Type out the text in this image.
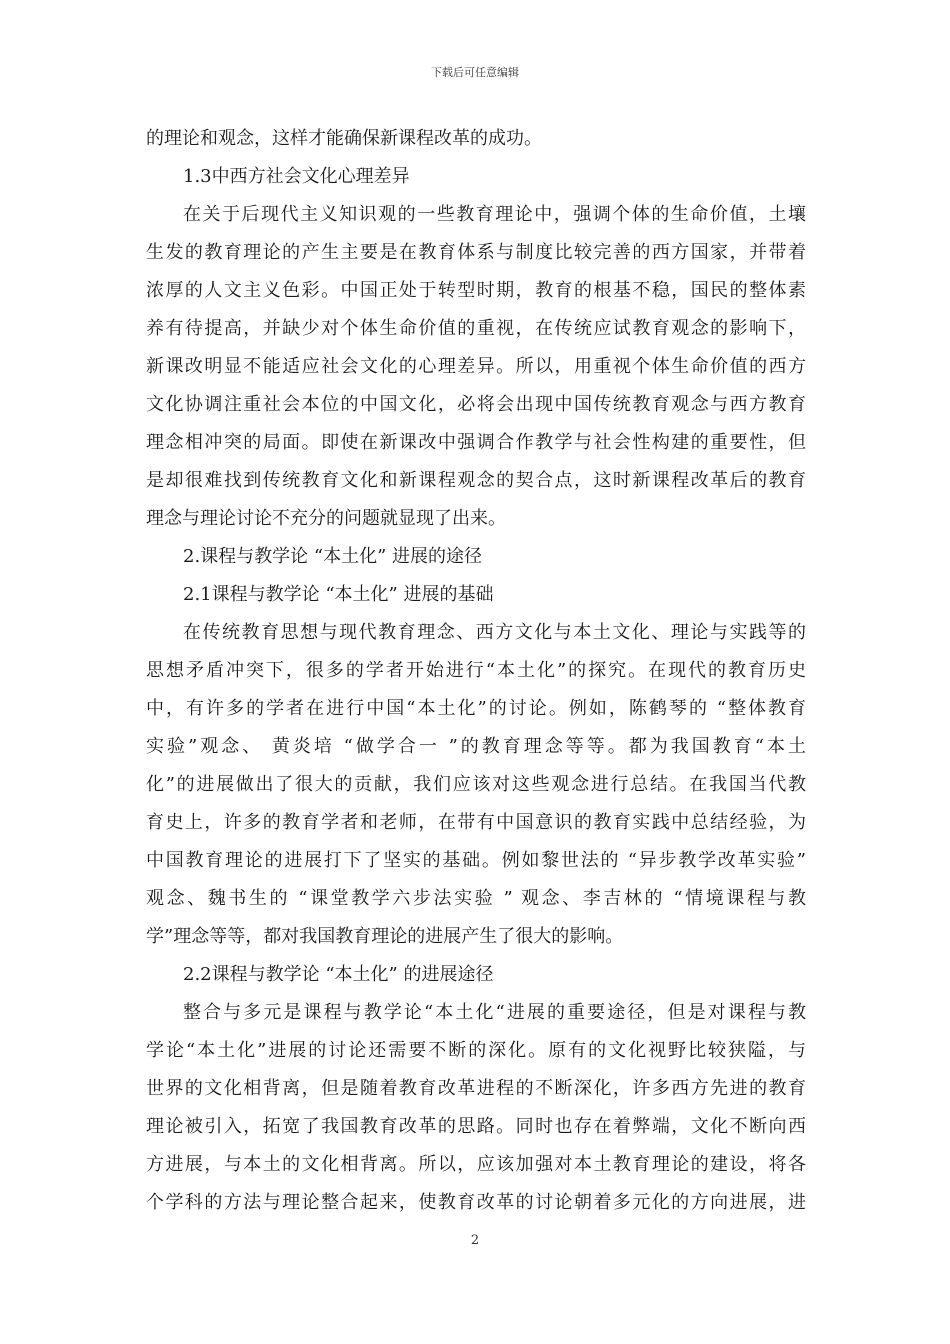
下载后可任意编辑
的理论和观念，这样才能确保新课程改革的成功。
1.3中西方社会文化心理差异
在关于后现代主义知识观的一些教育理论中，强调个体的生命价值，土壤
生发的教育理论的产生主要是在教育体系与制度比较完善的西方国家，并带着
浓厚的人文主义色彩。中国正处于转型时期，教育的根基不稳，国民的整体素
养有待提高，并缺少对个体生命价值的重视，在传统应试教育观念的影响下，
新课改明显不能适应社会文化的心理差异。所以，用重视个体生命价值的西方
文化协调注重社会本位的中国文化，必将会出现中国传统教育观念与西方教育
理念相冲突的局面。即使在新课改中强调合作教学与社会性构建的重要性，但
是却很难找到传统教育文化和新课程观念的契合点，这时新课程改革后的教育
理念与理论讨论不充分的问题就显现了出来。
2.课程与教学论 “本土化” 进展的途径
2.1课程与教学论 “本土化” 进展的基础
在传统教育思想与现代教育理念、西方文化与本土文化、理论与实践等的
思想矛盾冲突下，很多的学者开始进行“本土化”的探究。在现代的教育历史
中，有许多的学者在进行中国“本土化”的讨论。例如，陈鹤琴的 “整体教育
实验”观念、 黄炎培 “做学合一 ”的教育理念等等。都为我国教育“本土
化”的进展做出了很大的贡献，我们应该对这些观念进行总结。在我国当代教
育史上，许多的教育学者和老师，在带有中国意识的教育实践中总结经验，为
中国教育理论的进展打下了坚实的基础。例如黎世法的 “异步教学改革实验”
观念、魏书生的 “课堂教学六步法实验 ” 观念、李吉林的 “情境课程与教
学”理念等等，都对我国教育理论的进展产生了很大的影响。
2.2课程与教学论 “本土化” 的进展途径
整合与多元是课程与教学论“本土化“进展的重要途径，但是对课程与教
学论“本土化”进展的讨论还需要不断的深化。原有的文化视野比较狭隘，与
世界的文化相背离，但是随着教育改革进程的不断深化，许多西方先进的教育
理论被引入，拓宽了我国教育改革的思路。同时也存在着弊端，文化不断向西
方进展，与本土的文化相背离。所以，应该加强对本土教育理论的建设，将各
个学科的方法与理论整合起来，使教育改革的讨论朝着多元化的方向进展，进
2
